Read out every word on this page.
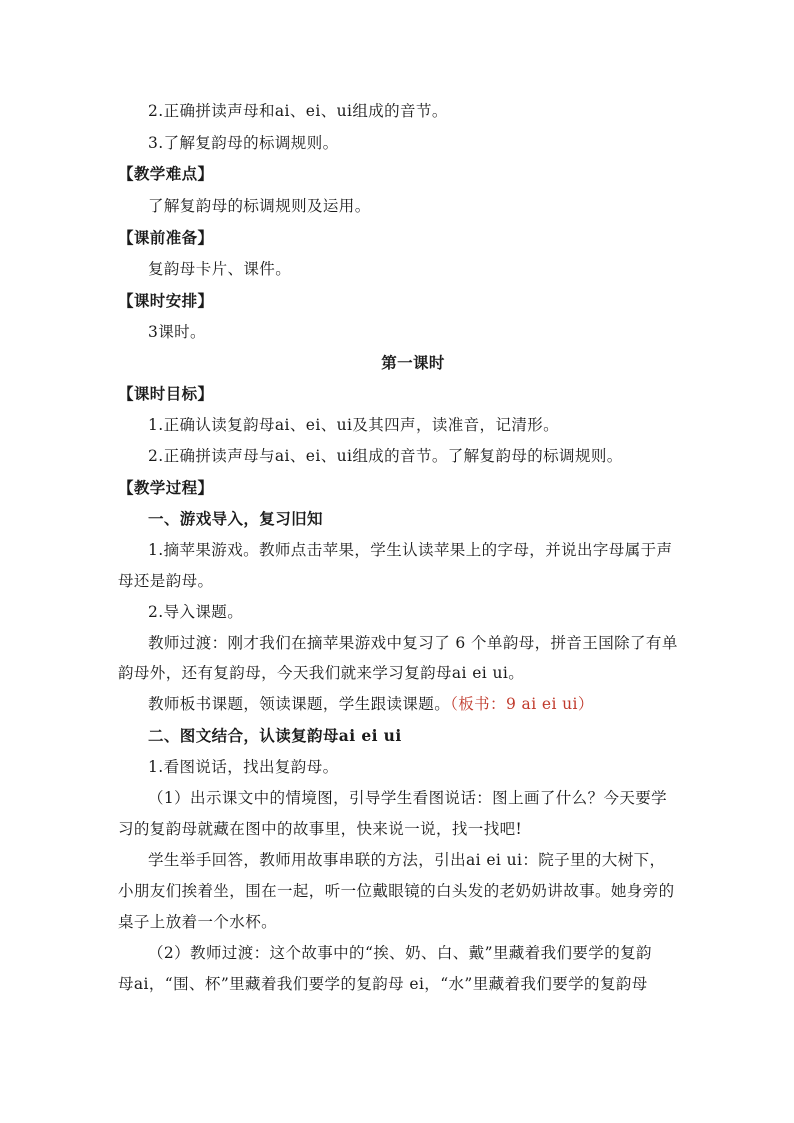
2.正确拼读声母和ai、ei、ui组成的音节。
3.了解复韵母的标调规则。
【教学难点】
了解复韵母的标调规则及运用。
【课前准备】
复韵母卡片、课件。
【课时安排】
3课时。
第一课时
【课时目标】
1.正确认读复韵母ai、ei、ui及其四声，读准音，记清形。
2.正确拼读声母与ai、ei、ui组成的音节。了解复韵母的标调规则。
【教学过程】
一、游戏导入，复习旧知
1.摘苹果游戏。教师点击苹果，学生认读苹果上的字母，并说出字母属于声
母还是韵母。
2.导入课题。
教师过渡：刚才我们在摘苹果游戏中复习了 6 个单韵母，拼音王国除了有单
韵母外，还有复韵母，今天我们就来学习复韵母ai ei ui。
教师板书课题，领读课题，学生跟读课题。（板书：9 ai ei ui）
二、图文结合，认读复韵母ai ei ui
1.看图说话，找出复韵母。
（1）出示课文中的情境图，引导学生看图说话：图上画了什么？今天要学
习的复韵母就藏在图中的故事里，快来说一说，找一找吧!
学生举手回答，教师用故事串联的方法，引出ai ei ui：院子里的大树下，
小朋友们挨着坐，围在一起，听一位戴眼镜的白头发的老奶奶讲故事。她身旁的
桌子上放着一个水杯。
（2）教师过渡：这个故事中的“挨、奶、白、戴”里藏着我们要学的复韵
母ai，“围、杯”里藏着我们要学的复韵母 ei，“水”里藏着我们要学的复韵母
